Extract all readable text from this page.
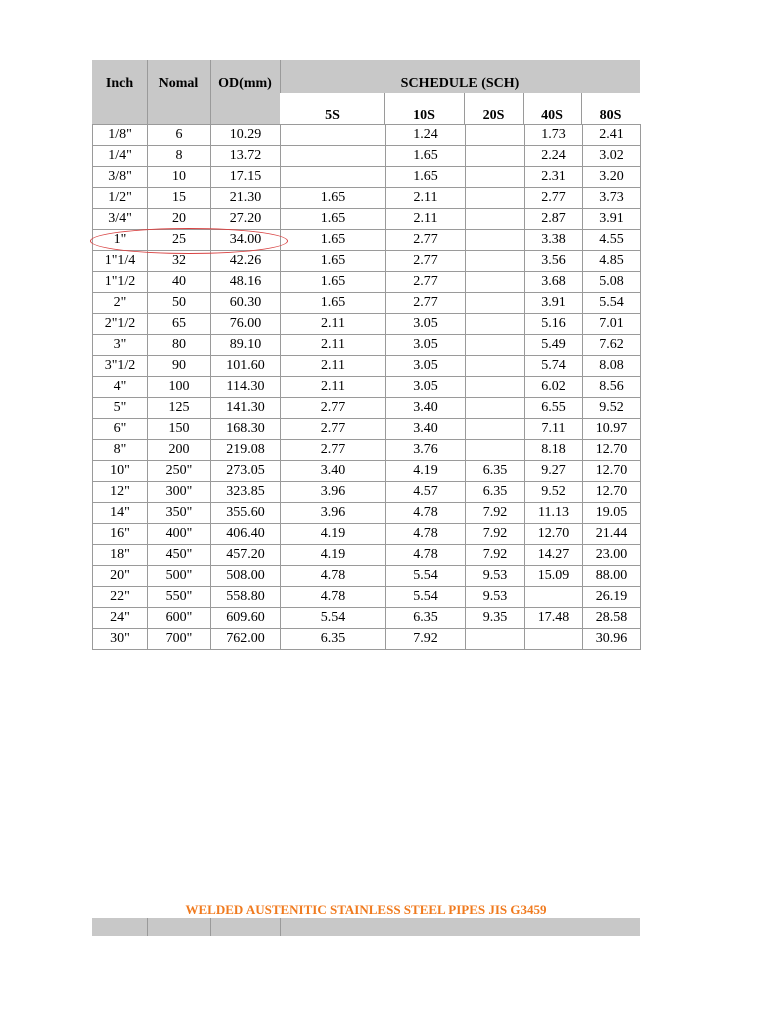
Inch	Nomal	OD(mm)	SCHEDULE (SCH)
5S	10S	20S	40S	80S
1/8"	6	10.29		1.24		1.73	2.41
1/4"	8	13.72		1.65		2.24	3.02
3/8"	10	17.15		1.65		2.31	3.20
1/2"	15	21.30	1.65	2.11		2.77	3.73
3/4"	20	27.20	1.65	2.11		2.87	3.91
1"	25	34.00	1.65	2.77		3.38	4.55
1"1/4	32	42.26	1.65	2.77		3.56	4.85
1"1/2	40	48.16	1.65	2.77		3.68	5.08
2"	50	60.30	1.65	2.77		3.91	5.54
2"1/2	65	76.00	2.11	3.05		5.16	7.01
3"	80	89.10	2.11	3.05		5.49	7.62
3"1/2	90	101.60	2.11	3.05		5.74	8.08
4"	100	114.30	2.11	3.05		6.02	8.56
5"	125	141.30	2.77	3.40		6.55	9.52
6"	150	168.30	2.77	3.40		7.11	10.97
8"	200	219.08	2.77	3.76		8.18	12.70
10"	250"	273.05	3.40	4.19	6.35	9.27	12.70
12"	300"	323.85	3.96	4.57	6.35	9.52	12.70
14"	350"	355.60	3.96	4.78	7.92	11.13	19.05
16"	400"	406.40	4.19	4.78	7.92	12.70	21.44
18"	450"	457.20	4.19	4.78	7.92	14.27	23.00
20"	500"	508.00	4.78	5.54	9.53	15.09	88.00
22"	550"	558.80	4.78	5.54	9.53		26.19
24"	600"	609.60	5.54	6.35	9.35	17.48	28.58
30"	700"	762.00	6.35	7.92			30.96
WELDED AUSTENITIC STAINLESS STEEL PIPES JIS G3459
